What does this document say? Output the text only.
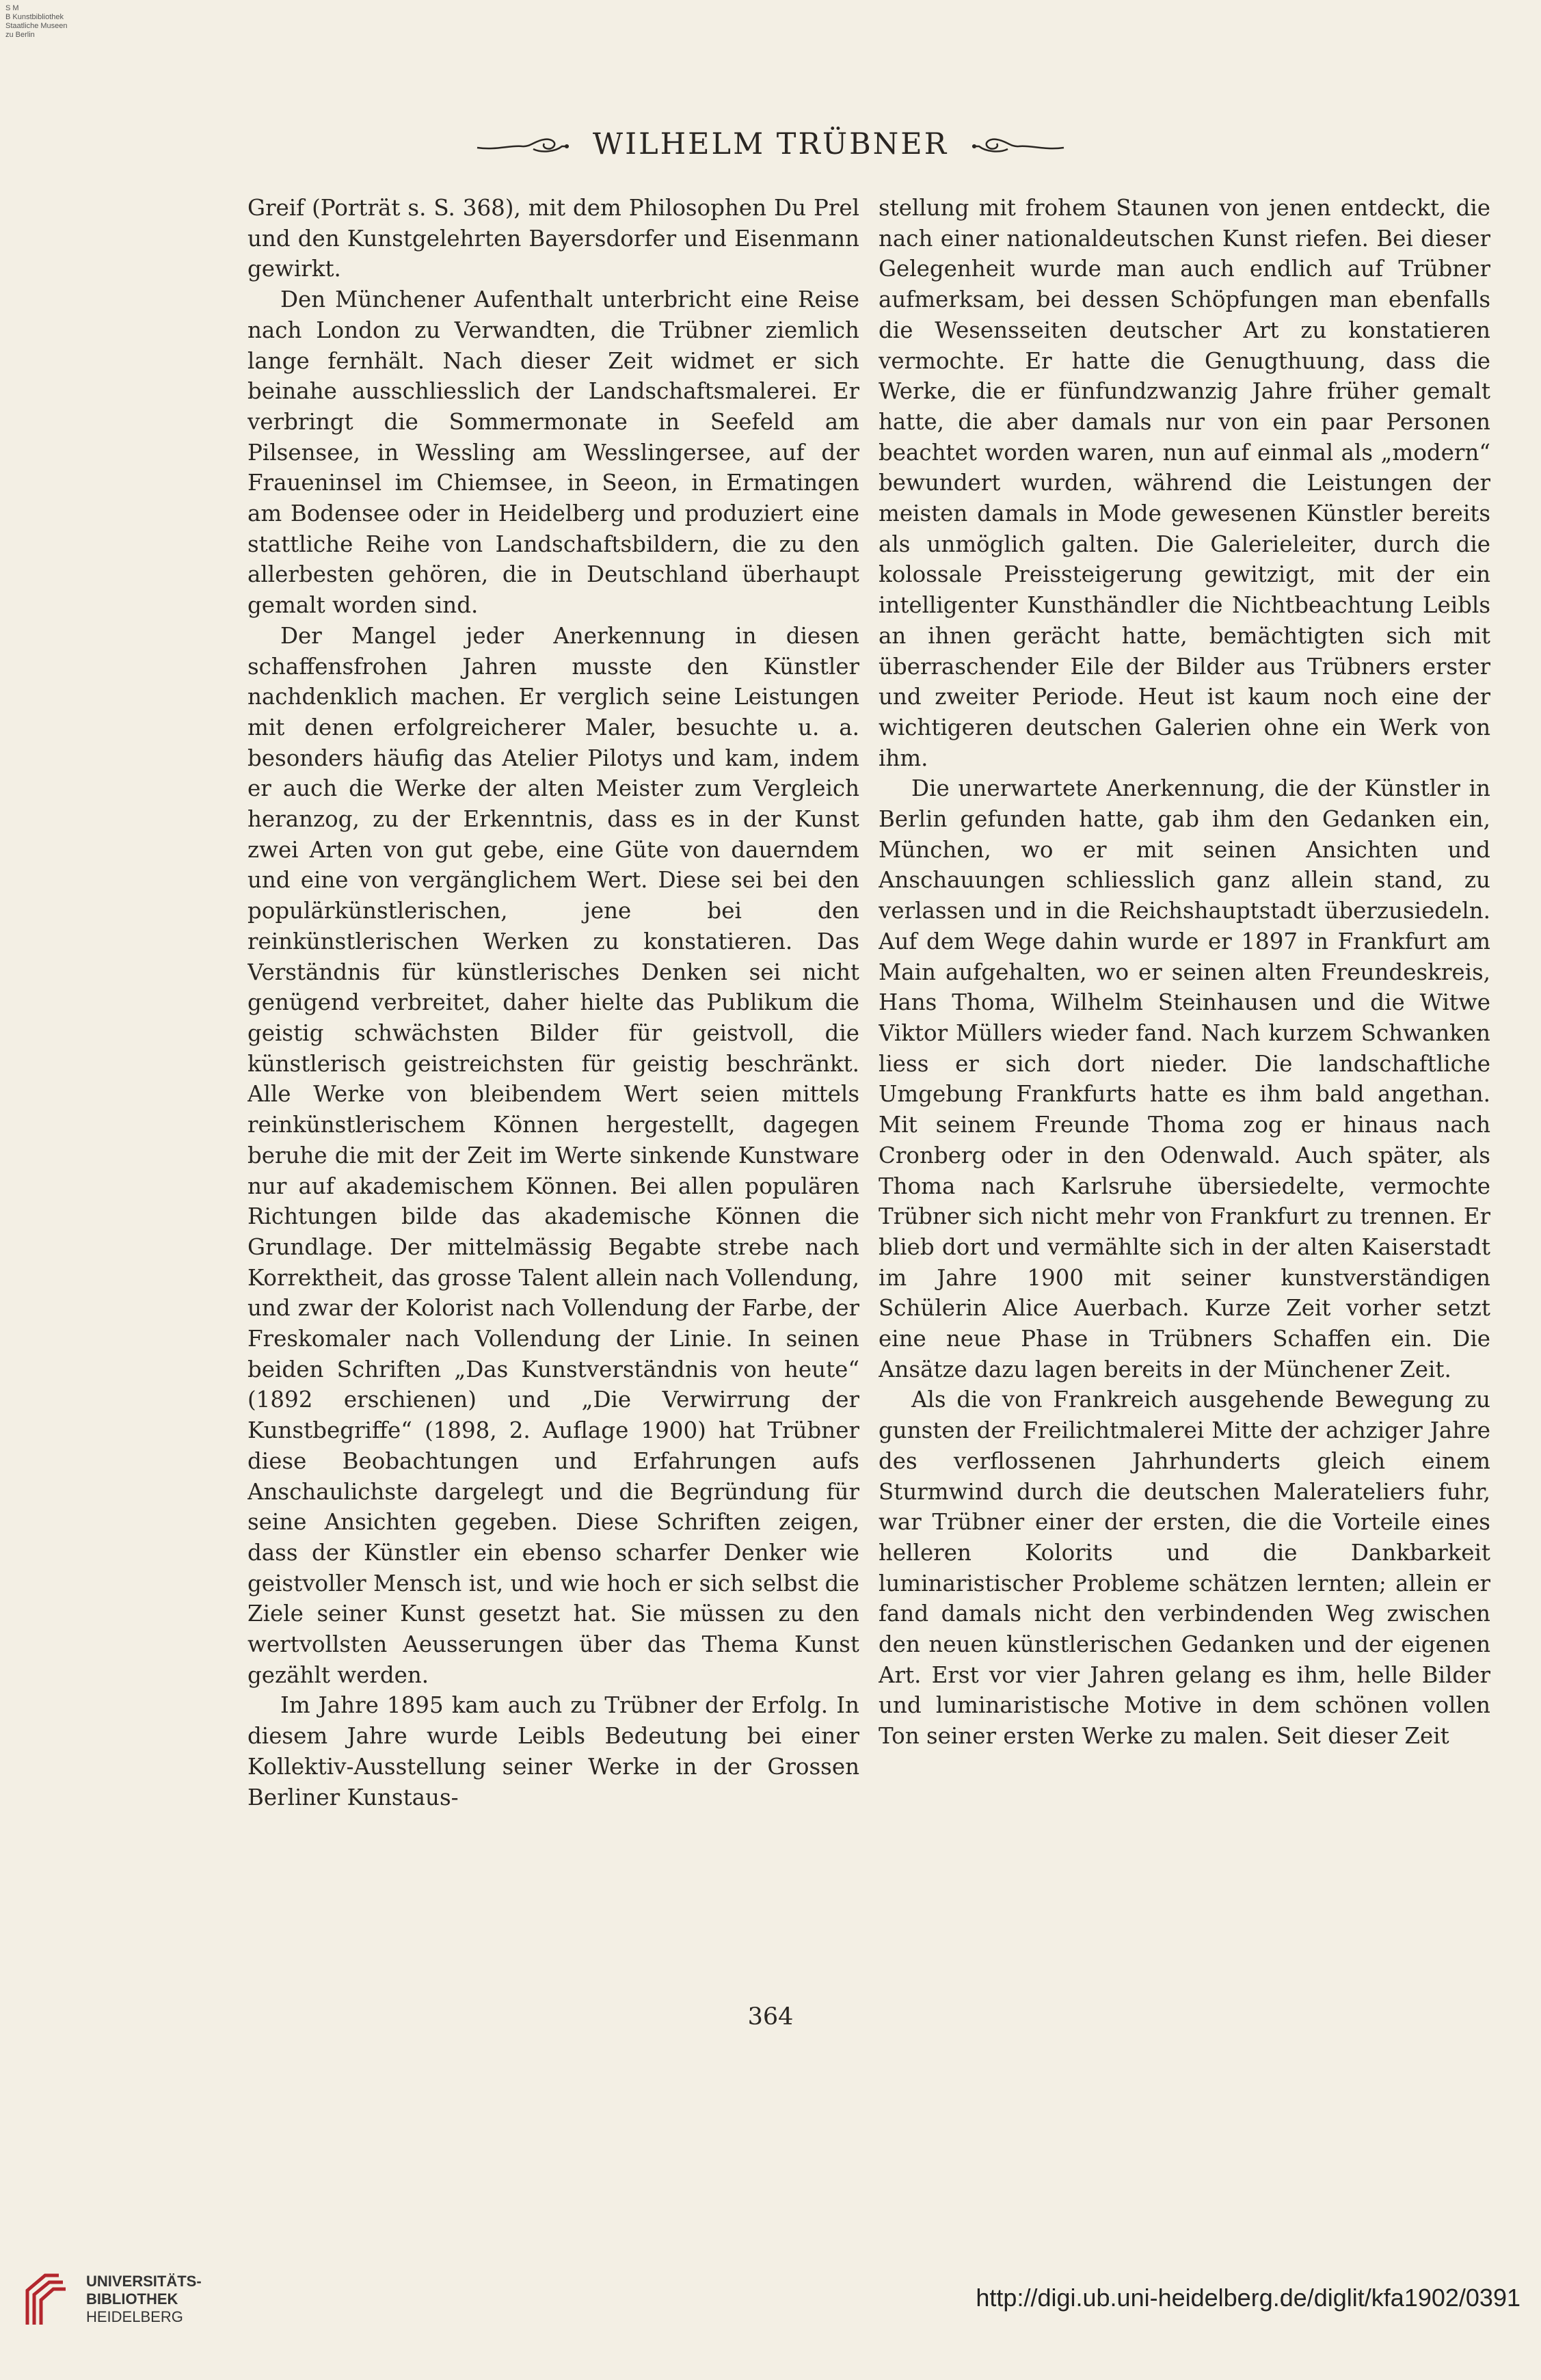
S M
B Kunstbibliothek
Staatliche Museen
zu Berlin
WILHELM TRÜBNER

Greif (Porträt s. S. 368), mit dem Philosophen Du Prel und den Kunstgelehrten Bayersdorfer und Eisenmann gewirkt.

Den Münchener Aufenthalt unterbricht eine Reise nach London zu Verwandten, die Trübner ziemlich lange fernhält. Nach dieser Zeit widmet er sich beinahe ausschliesslich der Landschaftsmalerei. Er verbringt die Sommermonate in Seefeld am Pilsensee, in Wessling am Wesslingersee, auf der Fraueninsel im Chiemsee, in Seeon, in Ermatingen am Bodensee oder in Heidelberg und produziert eine stattliche Reihe von Landschaftsbildern, die zu den allerbesten gehören, die in Deutschland überhaupt gemalt worden sind.

Der Mangel jeder Anerkennung in diesen schaffensfrohen Jahren musste den Künstler nachdenklich machen. Er verglich seine Leistungen mit denen erfolgreicherer Maler, besuchte u. a. besonders häufig das Atelier Pilotys und kam, indem er auch die Werke der alten Meister zum Vergleich heranzog, zu der Erkenntnis, dass es in der Kunst zwei Arten von gut gebe, eine Güte von dauerndem und eine von vergänglichem Wert. Diese sei bei den populärkünstlerischen, jene bei den reinkünstlerischen Werken zu konstatieren. Das Verständnis für künstlerisches Denken sei nicht genügend verbreitet, daher hielte das Publikum die geistig schwächsten Bilder für geistvoll, die künstlerisch geistreichsten für geistig beschränkt. Alle Werke von bleibendem Wert seien mittels reinkünstlerischem Können hergestellt, dagegen beruhe die mit der Zeit im Werte sinkende Kunstware nur auf akademischem Können. Bei allen populären Richtungen bilde das akademische Können die Grundlage. Der mittelmässig Begabte strebe nach Korrektheit, das grosse Talent allein nach Vollendung, und zwar der Kolorist nach Vollendung der Farbe, der Freskomaler nach Vollendung der Linie. In seinen beiden Schriften „Das Kunstverständnis von heute“ (1892 erschienen) und „Die Verwirrung der Kunstbegriffe“ (1898, 2. Auflage 1900) hat Trübner diese Beobachtungen und Erfahrungen aufs Anschaulichste dargelegt und die Begründung für seine Ansichten gegeben. Diese Schriften zeigen, dass der Künstler ein ebenso scharfer Denker wie geistvoller Mensch ist, und wie hoch er sich selbst die Ziele seiner Kunst gesetzt hat. Sie müssen zu den wertvollsten Aeusserungen über das Thema Kunst gezählt werden.

Im Jahre 1895 kam auch zu Trübner der Erfolg. In diesem Jahre wurde Leibls Bedeutung bei einer Kollektiv-Ausstellung seiner Werke in der Grossen Berliner Kunstaus-

stellung mit frohem Staunen von jenen entdeckt, die nach einer nationaldeutschen Kunst riefen. Bei dieser Gelegenheit wurde man auch endlich auf Trübner aufmerksam, bei dessen Schöpfungen man ebenfalls die Wesensseiten deutscher Art zu konstatieren vermochte. Er hatte die Genugthuung, dass die Werke, die er fünfundzwanzig Jahre früher gemalt hatte, die aber damals nur von ein paar Personen beachtet worden waren, nun auf einmal als „modern“ bewundert wurden, während die Leistungen der meisten damals in Mode gewesenen Künstler bereits als unmöglich galten. Die Galerieleiter, durch die kolossale Preissteigerung gewitzigt, mit der ein intelligenter Kunsthändler die Nichtbeachtung Leibls an ihnen gerächt hatte, bemächtigten sich mit überraschender Eile der Bilder aus Trübners erster und zweiter Periode. Heut ist kaum noch eine der wichtigeren deutschen Galerien ohne ein Werk von ihm.

Die unerwartete Anerkennung, die der Künstler in Berlin gefunden hatte, gab ihm den Gedanken ein, München, wo er mit seinen Ansichten und Anschauungen schliesslich ganz allein stand, zu verlassen und in die Reichshauptstadt überzusiedeln. Auf dem Wege dahin wurde er 1897 in Frankfurt am Main aufgehalten, wo er seinen alten Freundeskreis, Hans Thoma, Wilhelm Steinhausen und die Witwe Viktor Müllers wieder fand. Nach kurzem Schwanken liess er sich dort nieder. Die landschaftliche Umgebung Frankfurts hatte es ihm bald angethan. Mit seinem Freunde Thoma zog er hinaus nach Cronberg oder in den Odenwald. Auch später, als Thoma nach Karlsruhe übersiedelte, vermochte Trübner sich nicht mehr von Frankfurt zu trennen. Er blieb dort und vermählte sich in der alten Kaiserstadt im Jahre 1900 mit seiner kunstverständigen Schülerin Alice Auerbach. Kurze Zeit vorher setzt eine neue Phase in Trübners Schaffen ein. Die Ansätze dazu lagen bereits in der Münchener Zeit.

Als die von Frankreich ausgehende Bewegung zu gunsten der Freilichtmalerei Mitte der achziger Jahre des verflossenen Jahrhunderts gleich einem Sturmwind durch die deutschen Malerateliers fuhr, war Trübner einer der ersten, die die Vorteile eines helleren Kolorits und die Dankbarkeit luminaristischer Probleme schätzen lernten; allein er fand damals nicht den verbindenden Weg zwischen den neuen künstlerischen Gedanken und der eigenen Art. Erst vor vier Jahren gelang es ihm, helle Bilder und luminaristische Motive in dem schönen vollen Ton seiner ersten Werke zu malen. Seit dieser Zeit

364
UNIVERSITÄTS-
BIBLIOTHEK
HEIDELBERG
http://digi.ub.uni-heidelberg.de/diglit/kfa1902/0391
